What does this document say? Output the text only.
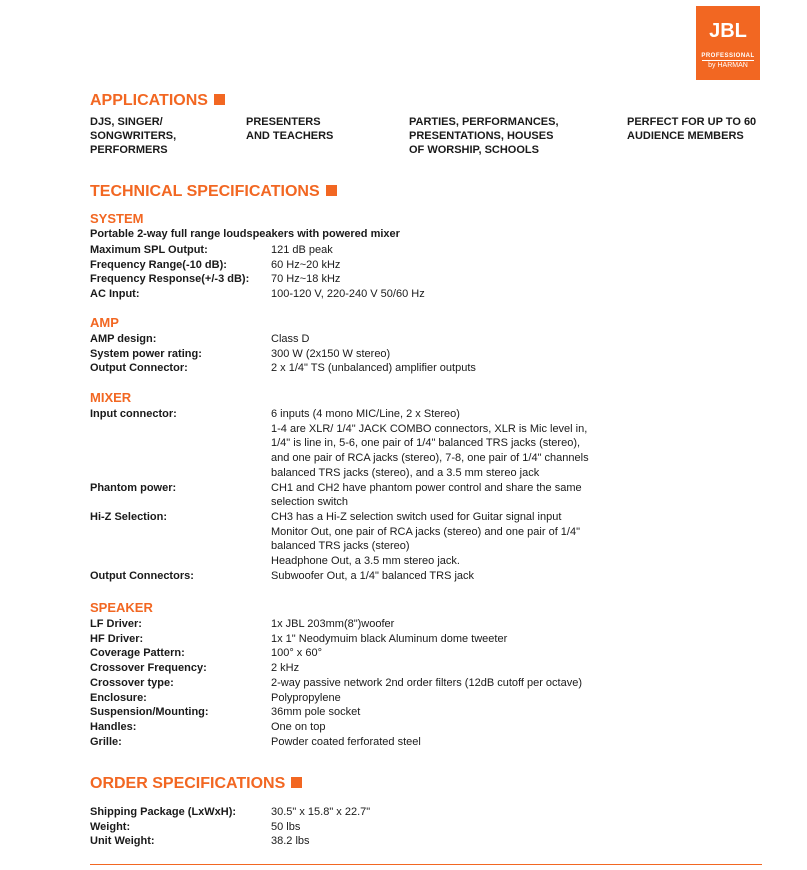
JBL
PROFESSIONAL
by HARMAN
APPLICATIONS
DJS, SINGER/
SONGWRITERS,
PERFORMERS
PRESENTERS
AND TEACHERS
PARTIES, PERFORMANCES,
PRESENTATIONS, HOUSES
OF WORSHIP, SCHOOLS
PERFECT FOR UP TO 60
AUDIENCE MEMBERS
TECHNICAL SPECIFICATIONS
SYSTEM
Portable 2-way full range loudspeakers with powered mixer
Maximum SPL Output:	121 dB peak
Frequency Range(-10 dB):	60 Hz~20 kHz
Frequency Response(+/-3 dB): 70 Hz~18 kHz
AC Input:	100-120 V, 220-240 V 50/60 Hz
AMP
AMP design:	Class D
System power rating:	300 W (2x150 W stereo)
Output Connector:	2 x 1/4" TS (unbalanced) amplifier outputs
MIXER
Input connector:	6 inputs (4 mono MIC/Line, 2 x Stereo)
1-4 are XLR/ 1/4" JACK COMBO connectors, XLR is Mic level in,
1/4" is line in, 5-6, one pair of 1/4" balanced TRS jacks (stereo),
and one pair of RCA jacks (stereo), 7-8, one pair of 1/4" channels
balanced TRS jacks (stereo), and a 3.5 mm stereo jack
Phantom power:	CH1 and CH2 have phantom power control and share the same
selection switch
Hi-Z Selection:	CH3 has a Hi-Z selection switch used for Guitar signal input
Monitor Out, one pair of RCA jacks (stereo) and one pair of 1/4"
balanced TRS jacks (stereo)
Headphone Out, a 3.5 mm stereo jack.
Output Connectors:	Subwoofer Out, a 1/4" balanced TRS jack
SPEAKER
LF Driver:	1x JBL 203mm(8")woofer
HF Driver:	1x 1" Neodymuim black Aluminum dome tweeter
Coverage Pattern:	100° x 60°
Crossover Frequency:	2 kHz
Crossover type:	2-way passive network 2nd order filters (12dB cutoff per octave)
Enclosure:	Polypropylene
Suspension/Mounting:	36mm pole socket
Handles:	One on top
Grille:	Powder coated ferforated steel
ORDER SPECIFICATIONS
Shipping Package (LxWxH):	30.5" x 15.8" x 22.7"
Weight:	50 lbs
Unit Weight:	38.2 lbs
